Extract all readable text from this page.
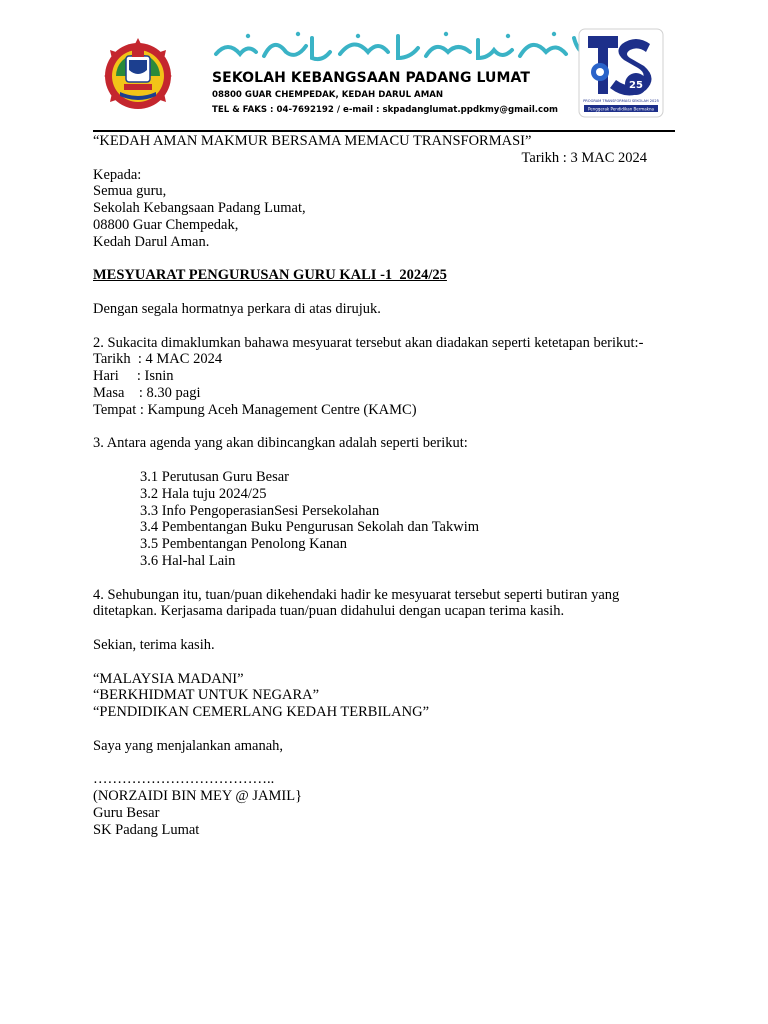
SEKOLAH KEBANGSAAN PADANG LUMAT
08800 GUAR CHEMPEDAK, KEDAH DARUL AMAN
TEL & FAKS : 04-7692192 / e-mail : skpadanglumat.ppdkmy@gmail.com
25
PROGRAM TRANSFORMASI SEKOLAH 2025
Penggerak Pendidikan Bermakna
“KEDAH AMAN MAKMUR BERSAMA MEMACU TRANSFORMASI”
Tarikh : 3 MAC 2024
Kepada:
Semua guru,
Sekolah Kebangsaan Padang Lumat,
08800 Guar Chempedak,
Kedah Darul Aman.
MESYUARAT PENGURUSAN GURU KALI -1  2024/25
Dengan segala hormatnya perkara di atas dirujuk.
2. Sukacita dimaklumkan bahawa mesyuarat tersebut akan diadakan seperti ketetapan berikut:-
Tarikh  : 4 MAC 2024
Hari     : Isnin
Masa    : 8.30 pagi
Tempat : Kampung Aceh Management Centre (KAMC)
3. Antara agenda yang akan dibincangkan adalah seperti berikut:
3.1 Perutusan Guru Besar
3.2 Hala tuju 2024/25
3.3 Info PengoperasianSesi Persekolahan
3.4 Pembentangan Buku Pengurusan Sekolah dan Takwim
3.5 Pembentangan Penolong Kanan
3.6 Hal-hal Lain
4. Sehubungan itu, tuan/puan dikehendaki hadir ke mesyuarat tersebut seperti butiran yang ditetapkan. Kerjasama daripada tuan/puan didahului dengan ucapan terima kasih.
Sekian, terima kasih.
“MALAYSIA MADANI”
“BERKHIDMAT UNTUK NEGARA”
“PENDIDIKAN CEMERLANG KEDAH TERBILANG”
Saya yang menjalankan amanah,
………………………………..
(NORZAIDI BIN MEY @ JAMIL}
Guru Besar
SK Padang Lumat
